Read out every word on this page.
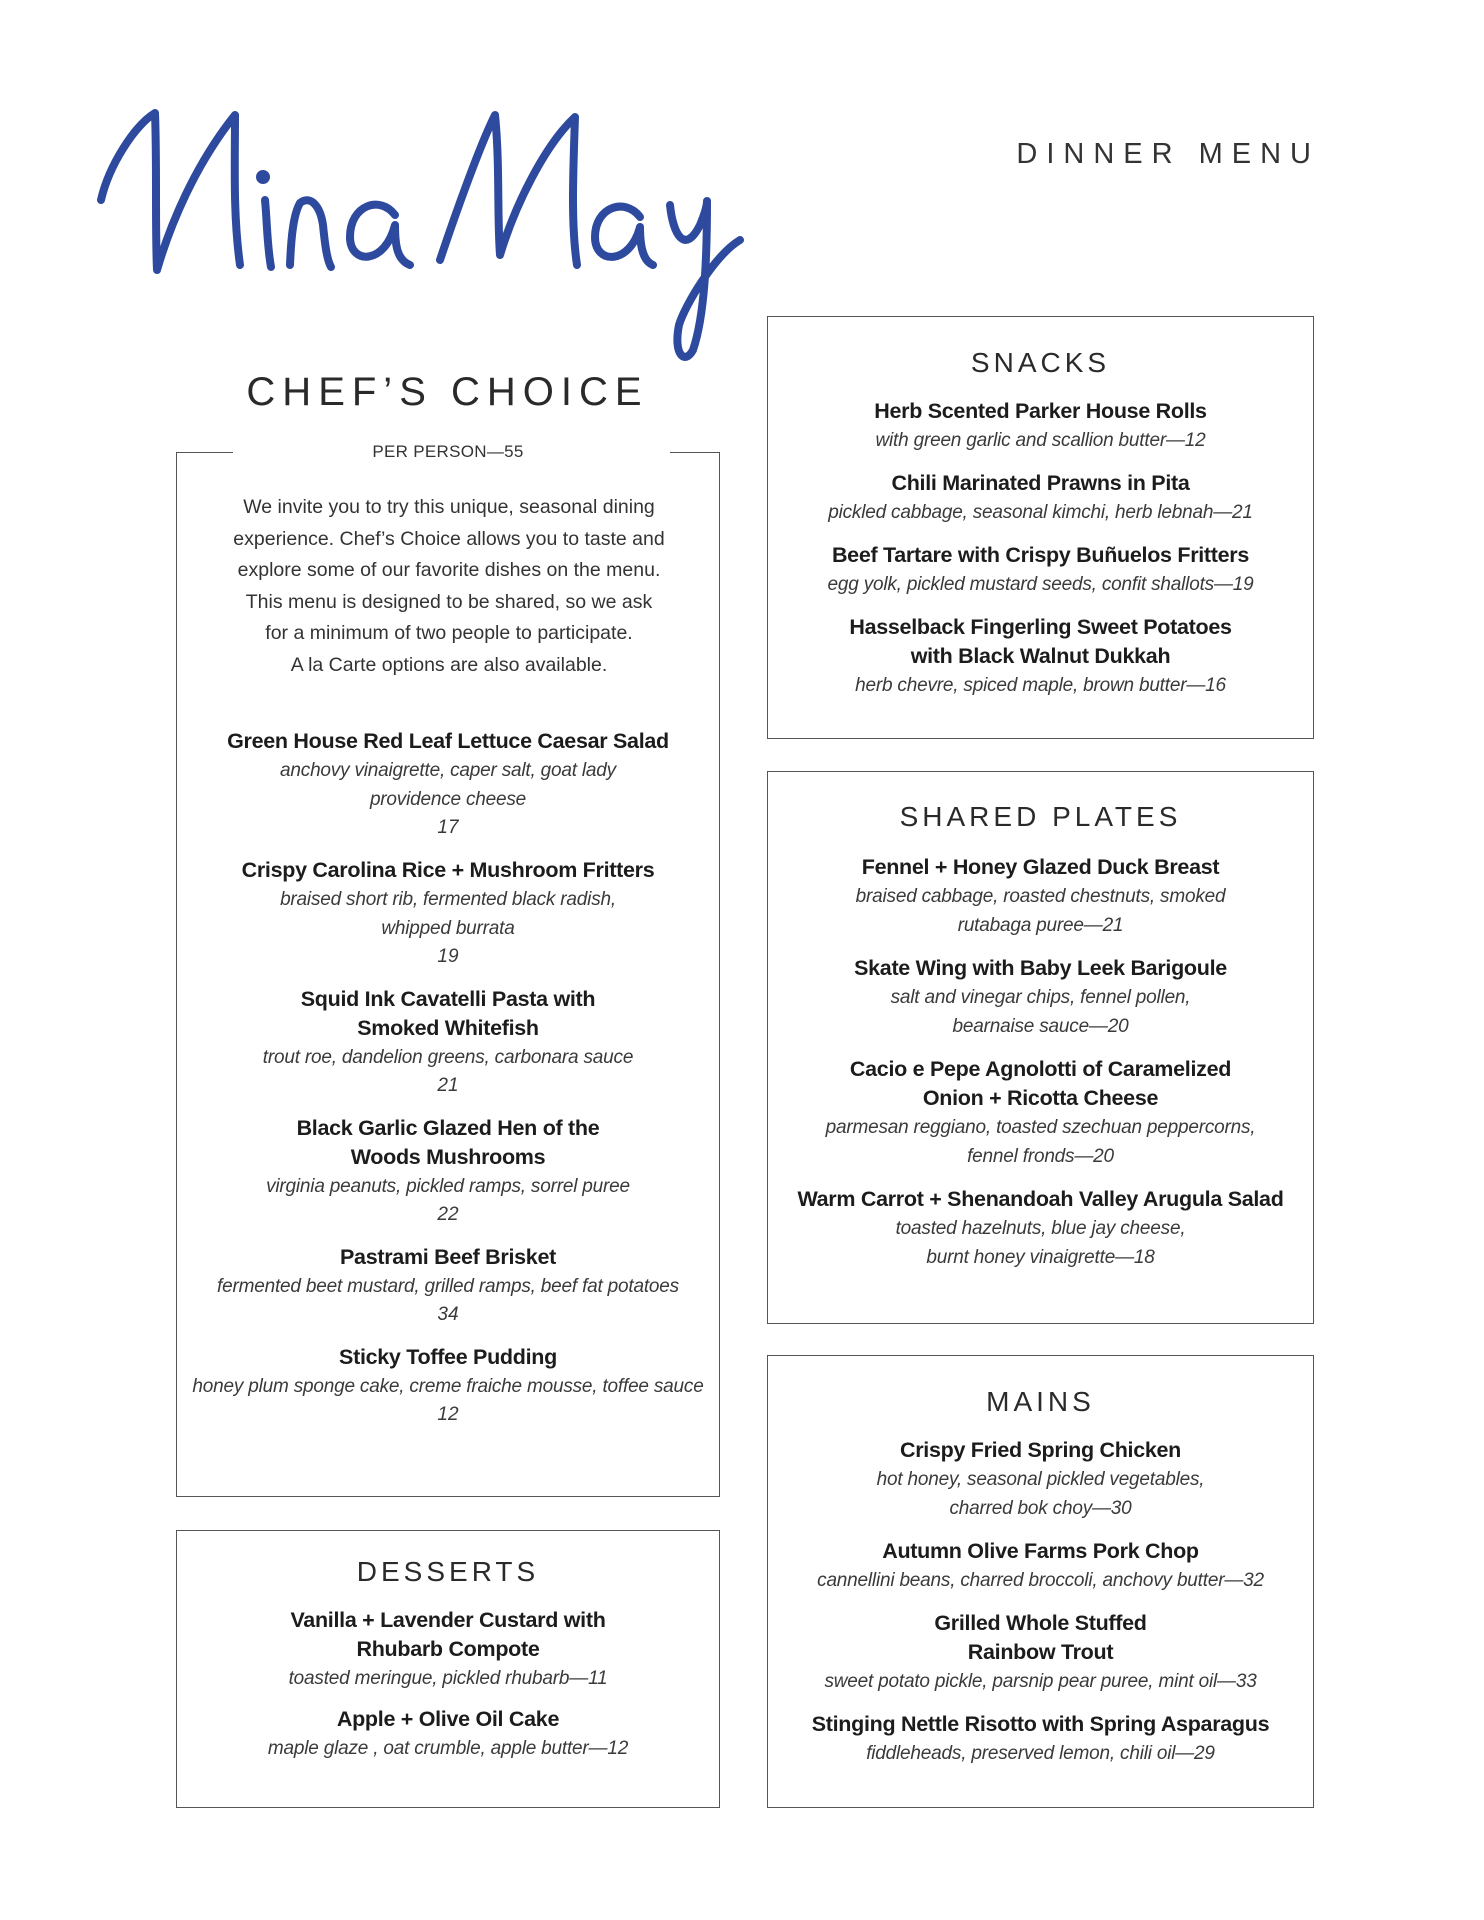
DINNER MENU
CHEF’S CHOICE
PER PERSON—55
We invite you to try this unique, seasonal dining
experience. Chef’s Choice allows you to taste and
explore some of our favorite dishes on the menu.
This menu is designed to be shared, so we ask
for a minimum of two people to participate.
A la Carte options are also available.
Green House Red Leaf Lettuce Caesar Salad
anchovy vinaigrette, caper salt, goat lady
providence cheese
17
Crispy Carolina Rice + Mushroom Fritters
braised short rib, fermented black radish,
whipped burrata
19
Squid Ink Cavatelli Pasta with
Smoked Whitefish
trout roe, dandelion greens, carbonara sauce
21
Black Garlic Glazed Hen of the
Woods Mushrooms
virginia peanuts, pickled ramps, sorrel puree
22
Pastrami Beef Brisket
fermented beet mustard, grilled ramps, beef fat potatoes
34
Sticky Toffee Pudding
honey plum sponge cake, creme fraiche mousse, toffee sauce
12
DESSERTS
Vanilla + Lavender Custard with
Rhubarb Compote
toasted meringue, pickled rhubarb—11
Apple + Olive Oil Cake
maple glaze , oat crumble, apple butter—12
SNACKS
Herb Scented Parker House Rolls
with green garlic and scallion butter—12
Chili Marinated Prawns in Pita
pickled cabbage, seasonal kimchi, herb lebnah—21
Beef Tartare with Crispy Buñuelos Fritters
egg yolk, pickled mustard seeds, confit shallots—19
Hasselback Fingerling Sweet Potatoes
with Black Walnut Dukkah
herb chevre, spiced maple, brown butter—16
SHARED PLATES
Fennel + Honey Glazed Duck Breast
braised cabbage, roasted chestnuts, smoked
rutabaga puree—21
Skate Wing with Baby Leek Barigoule
salt and vinegar chips, fennel pollen,
bearnaise sauce—20
Cacio e Pepe Agnolotti of Caramelized
Onion + Ricotta Cheese
parmesan reggiano, toasted szechuan peppercorns,
fennel fronds—20
Warm Carrot + Shenandoah Valley Arugula Salad
toasted hazelnuts, blue jay cheese,
burnt honey vinaigrette—18
MAINS
Crispy Fried Spring Chicken
hot honey, seasonal pickled vegetables,
charred bok choy—30
Autumn Olive Farms Pork Chop
cannellini beans, charred broccoli, anchovy butter—32
Grilled Whole Stuffed
Rainbow Trout
sweet potato pickle, parsnip pear puree, mint oil—33
Stinging Nettle Risotto with Spring Asparagus
fiddleheads, preserved lemon, chili oil—29
